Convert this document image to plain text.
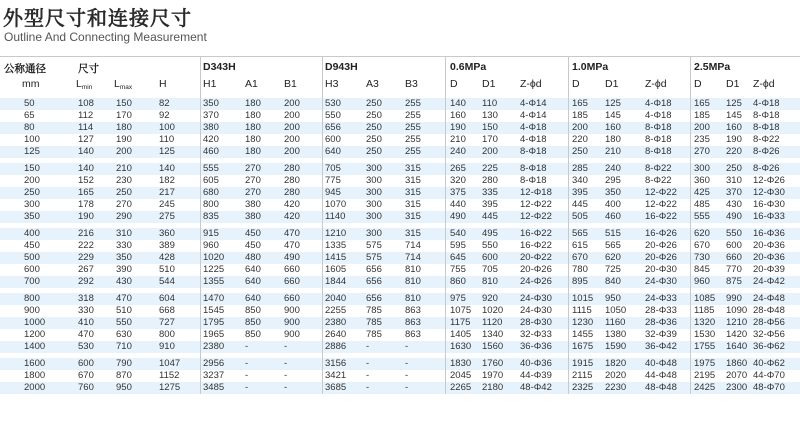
外型尺寸和连接尺寸
Outline And Connecting Measurement
公称通径	尺寸	D343H	D943H	0.6MPa	1.0MPa	2.5MPa
mm	$L_{min}$ $L_{max}$	H	H1	A1 B1	H3	A3 B3	D D1 Z-ϕd	D D1	Z-ϕd	D D1 Z-ϕd
50	108 150	82	350	180 200	530	250 255	140 110 4-Φ14	165 125	4-Φ18 165 125 4-Φ18
65	112 170	92	370	180 200	550	250 255	160 130 4-Φ14	185 145	4-Φ18 185 145 8-Φ18
80	114 180	100	380	180 200	656	250 255	190 150 4-Φ18	200 160	8-Φ18 200 160 8-Φ18
100	127 190	110	420	180 200	600	250 255	210 170 4-Φ18	220 180	8-Φ18 235 190 8-Φ22
125	140 200	125	460	180 200	640	250 255	240 200 8-Φ18	250 210	8-Φ18 270 220 8-Φ26
150	140 210	140	555	270 280	705	300 315	265 225 8-Φ18	285 240	8-Φ22 300 250 8-Φ26
200	152 230	182	605	270 280	775	300 315	320 280 8-Φ18	340 295	8-Φ22 360 310 12-Φ26
250	165 250	217	680	270 280	945	300 315	375 335 12-Φ18 395 350	12-Φ22 425 370 12-Φ30
300	178 270	245	800	380 420	1070 300 315	440 395 12-Φ22 445 400	12-Φ22 485 430 16-Φ30
350	190 290	275	835	380 420	1140 300 315	490 445 12-Φ22 505 460	16-Φ22 555 490 16-Φ33
400	216 310	360	915	450 470	1210 300 315	540 495 16-Φ22 565 515	16-Φ26 620 550 16-Φ36
450	222 330	389	960	450 470	1335 575 714	595 550 16-Φ22 615 565	20-Φ26 670 600 20-Φ36
500	229 350	428	1020 480 490	1415 575 714	645 600 20-Φ22 670 620	20-Φ26 730 660 20-Φ36
600	267 390	510	1225 640 660	1605 656 810	755 705 20-Φ26 780 725	20-Φ30 845 770 20-Φ39
700	292 430	544	1355 640 660	1844 656 810	860 810 24-Φ26 895 840	24-Φ30 960 875 24-Φ42
800	318 470	604	1470 640 660	2040 656 810	975 920 24-Φ30 1015 950	24-Φ33 1085 990 24-Φ48
900	330 510	668	1545 850 900	2255 785 863	1075 1020 24-Φ30 1115 1050 28-Φ33 1185 1090 28-Φ48
1000	410 550	727	1795 850 900	2380 785 863	1175 1120 28-Φ30 1230 1160 28-Φ36 1320 1210 28-Φ56
1200	470 630	800	1965 850 900	2640 785 863	1405 1340 32-Φ33 1455 1380 32-Φ39 1530 1420 32-Φ56
1400	530 710	910	2380 -	-	2886 -	-	1630 1560 36-Φ36 1675 1590 36-Φ42 1755 1640 36-Φ62
1600	600 790	1047 2956 -	-	3156 -	-	1830 1760 40-Φ36 1915 1820 40-Φ48 1975 1860 40-Φ62
1800	670 870	1152 3237 -	-	3421 -	-	2045 1970 44-Φ39 2115 2020 44-Φ48 2195 2070 44-Φ70
2000	760 950	1275 3485 -	-	3685 -	-	2265 2180 48-Φ42 2325 2230 48-Φ48 2425 2300 48-Φ70
